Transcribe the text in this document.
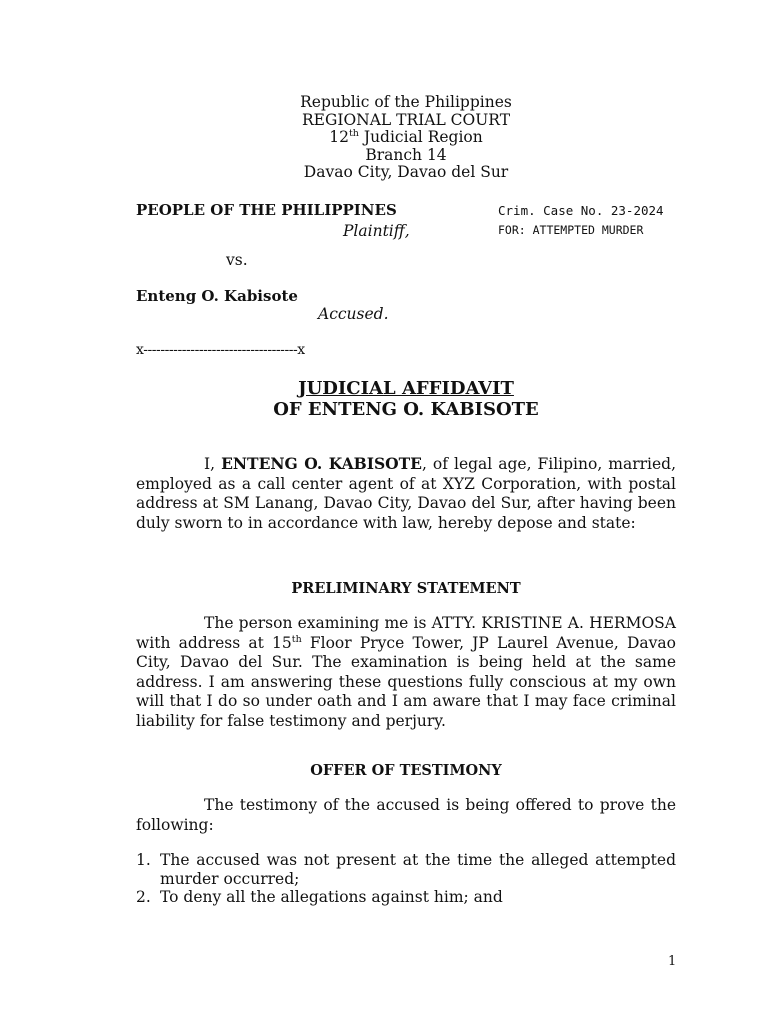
Republic of the Philippines
REGIONAL TRIAL COURT
12th Judicial Region
Branch 14
Davao City, Davao del Sur
PEOPLE OF THE PHILIPPINES
Plaintiff,
Crim. Case No. 23-2024
FOR: ATTEMPTED MURDER
vs.
Enteng O. Kabisote
Accused.
x------------------------------------x
JUDICIAL AFFIDAVIT
OF ENTENG O. KABISOTE
I, ENTENG O. KABISOTE, of legal age, Filipino, married, employed as a call center agent of at XYZ Corporation, with postal address at SM Lanang, Davao City, Davao del Sur, after having been duly sworn to in accordance with law, hereby depose and state:
PRELIMINARY STATEMENT
The person examining me is ATTY. KRISTINE A. HERMOSA with address at 15th Floor Pryce Tower, JP Laurel Avenue, Davao City, Davao del Sur. The examination is being held at the same address. I am answering these questions fully conscious at my own will that I do so under oath and I am aware that I may face criminal liability for false testimony and perjury.
OFFER OF TESTIMONY
The testimony of the accused is being offered to prove the following:
1. The accused was not present at the time the alleged attempted murder occurred;
2. To deny all the allegations against him; and
1
